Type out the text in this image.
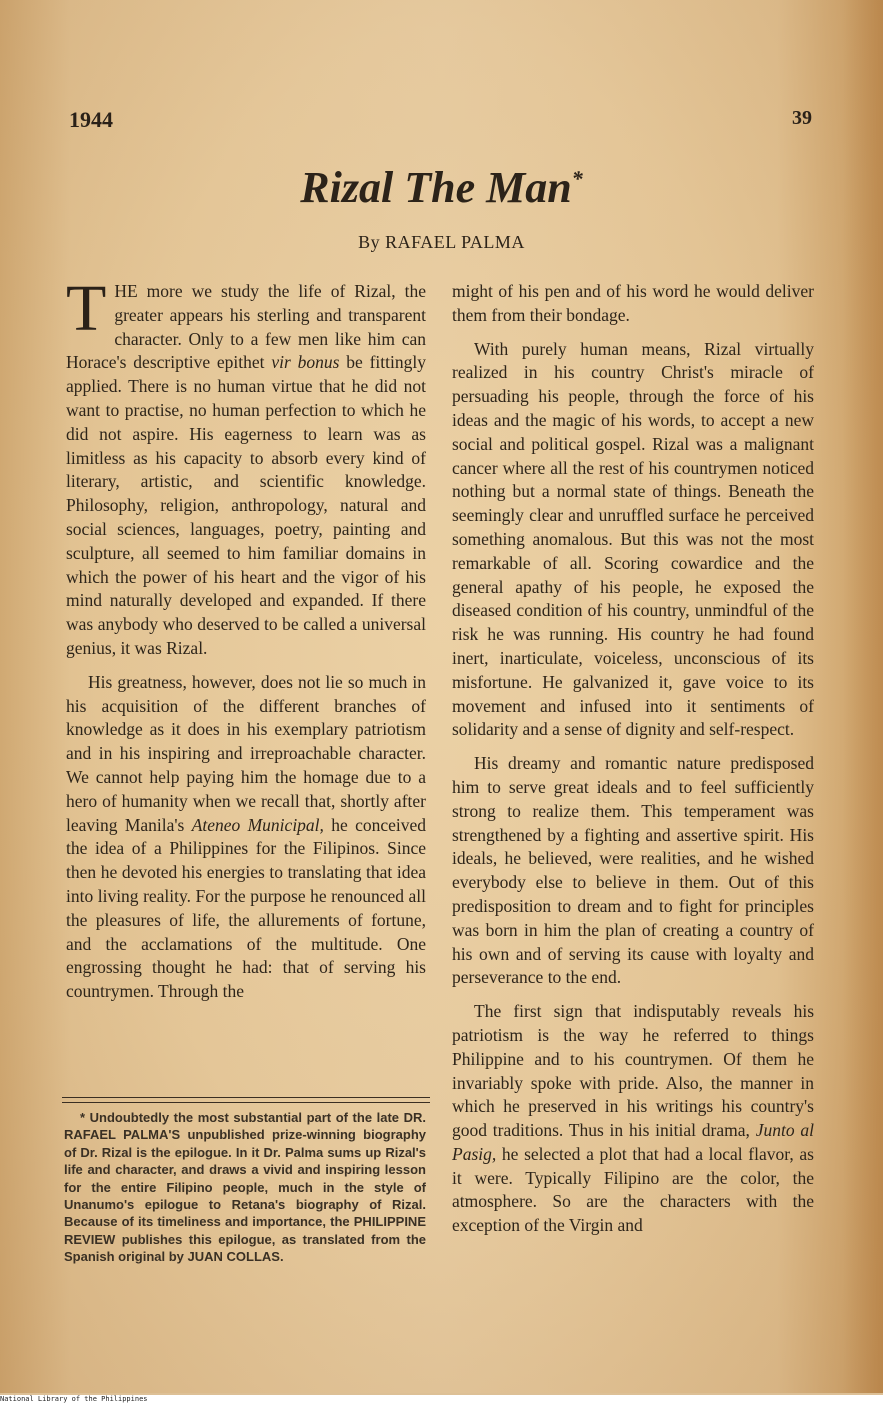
1944	39
Rizal The Man*
By RAFAEL PALMA

THE more we study the life of Rizal, the greater appears his sterling and transparent character. Only to a few men like him can Horace's descriptive epithet vir bonus be fittingly applied. There is no human virtue that he did not want to practise, no human perfection to which he did not aspire. His eagerness to learn was as limitless as his capacity to absorb every kind of literary, artistic, and scientific knowledge. Philosophy, religion, anthropology, natural and social sciences, languages, poetry, painting and sculpture, all seemed to him familiar domains in which the power of his heart and the vigor of his mind naturally developed and expanded. If there was anybody who deserved to be called a universal genius, it was Rizal.

His greatness, however, does not lie so much in his acquisition of the different branches of knowledge as it does in his exemplary patriotism and in his inspiring and irreproachable character. We cannot help paying him the homage due to a hero of humanity when we recall that, shortly after leaving Manila's Ateneo Municipal, he conceived the idea of a Philippines for the Filipinos. Since then he devoted his energies to translating that idea into living reality. For the purpose he renounced all the pleasures of life, the allurements of fortune, and the acclamations of the multitude. One engrossing thought he had: that of serving his countrymen. Through the

* Undoubtedly the most substantial part of the late DR. RAFAEL PALMA'S unpublished prize-winning biography of Dr. Rizal is the epilogue. In it Dr. Palma sums up Rizal's life and character, and draws a vivid and inspiring lesson for the entire Filipino people, much in the style of Unanumo's epilogue to Retana's biography of Rizal. Because of its timeliness and importance, the PHILIPPINE REVIEW publishes this epilogue, as translated from the Spanish original by JUAN COLLAS.

might of his pen and of his word he would deliver them from their bondage.

With purely human means, Rizal virtually realized in his country Christ's miracle of persuading his people, through the force of his ideas and the magic of his words, to accept a new social and political gospel. Rizal was a malignant cancer where all the rest of his countrymen noticed nothing but a normal state of things. Beneath the seemingly clear and unruffled surface he perceived something anomalous. But this was not the most remarkable of all. Scoring cowardice and the general apathy of his people, he exposed the diseased condition of his country, unmindful of the risk he was running. His country he had found inert, inarticulate, voiceless, unconscious of its misfortune. He galvanized it, gave voice to its movement and infused into it sentiments of solidarity and a sense of dignity and self-respect.

His dreamy and romantic nature predisposed him to serve great ideals and to feel sufficiently strong to realize them. This temperament was strengthened by a fighting and assertive spirit. His ideals, he believed, were realities, and he wished everybody else to believe in them. Out of this predisposition to dream and to fight for principles was born in him the plan of creating a country of his own and of serving its cause with loyalty and perseverance to the end.

The first sign that indisputably reveals his patriotism is the way he referred to things Philippine and to his countrymen. Of them he invariably spoke with pride. Also, the manner in which he preserved in his writings his country's good traditions. Thus in his initial drama, Junto al Pasig, he selected a plot that had a local flavor, as it were. Typically Filipino are the color, the atmosphere. So are the characters with the exception of the Virgin and

National Library of the Philippines
